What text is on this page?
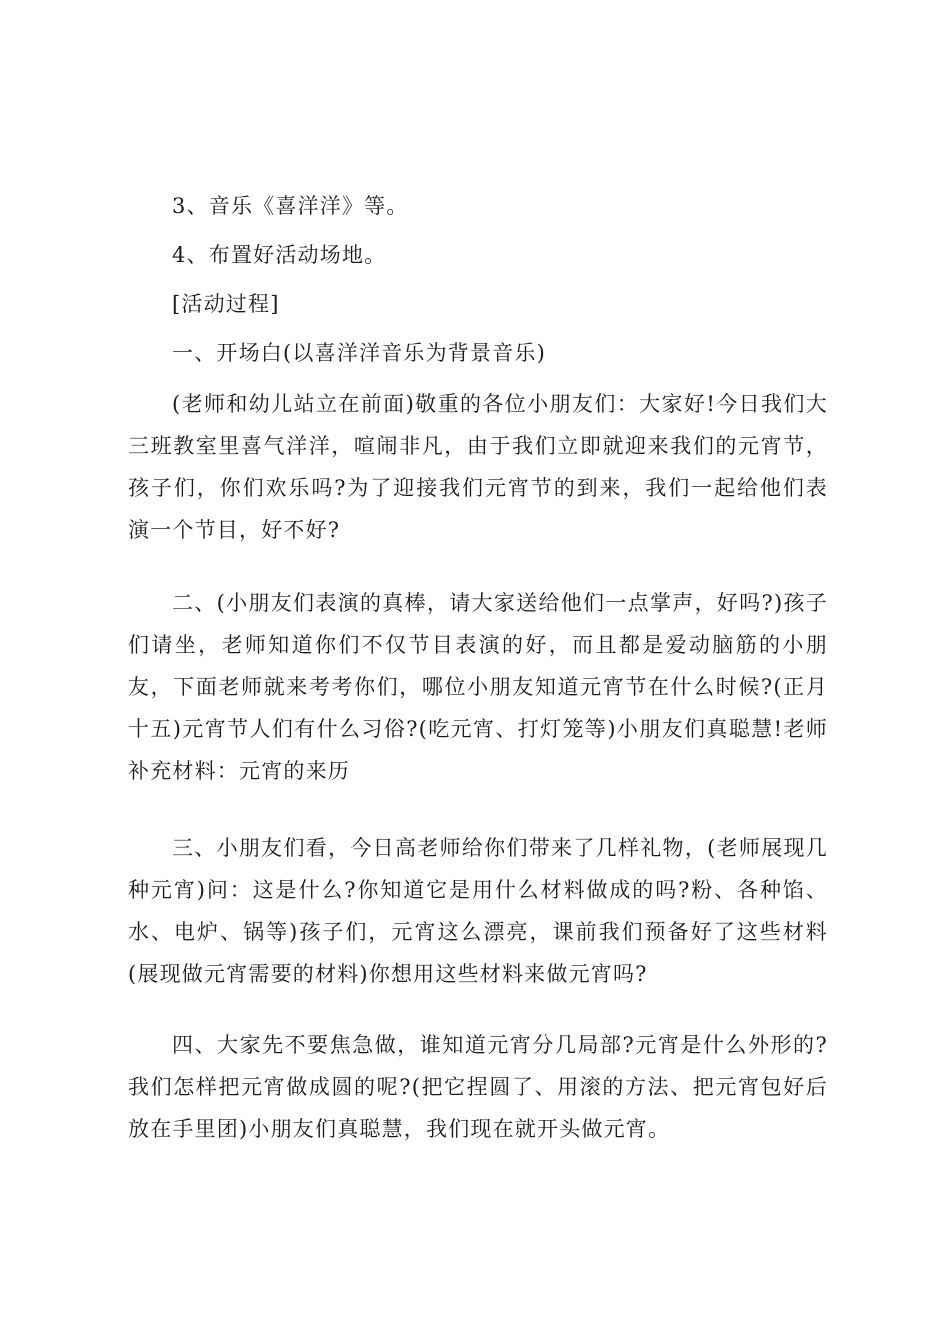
3、音乐《喜洋洋》等。

4、布置好活动场地。

[活动过程]

一、开场白(以喜洋洋音乐为背景音乐)

(老师和幼儿站立在前面)敬重的各位小朋友们：大家好!今日我们大三班教室里喜气洋洋，喧闹非凡，由于我们立即就迎来我们的元宵节，孩子们，你们欢乐吗?为了迎接我们元宵节的到来，我们一起给他们表演一个节目，好不好?

二、(小朋友们表演的真棒，请大家送给他们一点掌声，好吗?)孩子们请坐，老师知道你们不仅节目表演的好，而且都是爱动脑筋的小朋友，下面老师就来考考你们，哪位小朋友知道元宵节在什么时候?(正月十五)元宵节人们有什么习俗?(吃元宵、打灯笼等)小朋友们真聪慧!老师补充材料：元宵的来历

三、小朋友们看，今日高老师给你们带来了几样礼物，(老师展现几种元宵)问：这是什么?你知道它是用什么材料做成的吗?粉、各种馅、水、电炉、锅等)孩子们，元宵这么漂亮，课前我们预备好了这些材料(展现做元宵需要的材料)你想用这些材料来做元宵吗?

四、大家先不要焦急做，谁知道元宵分几局部?元宵是什么外形的?我们怎样把元宵做成圆的呢?(把它捏圆了、用滚的方法、把元宵包好后放在手里团)小朋友们真聪慧，我们现在就开头做元宵。
